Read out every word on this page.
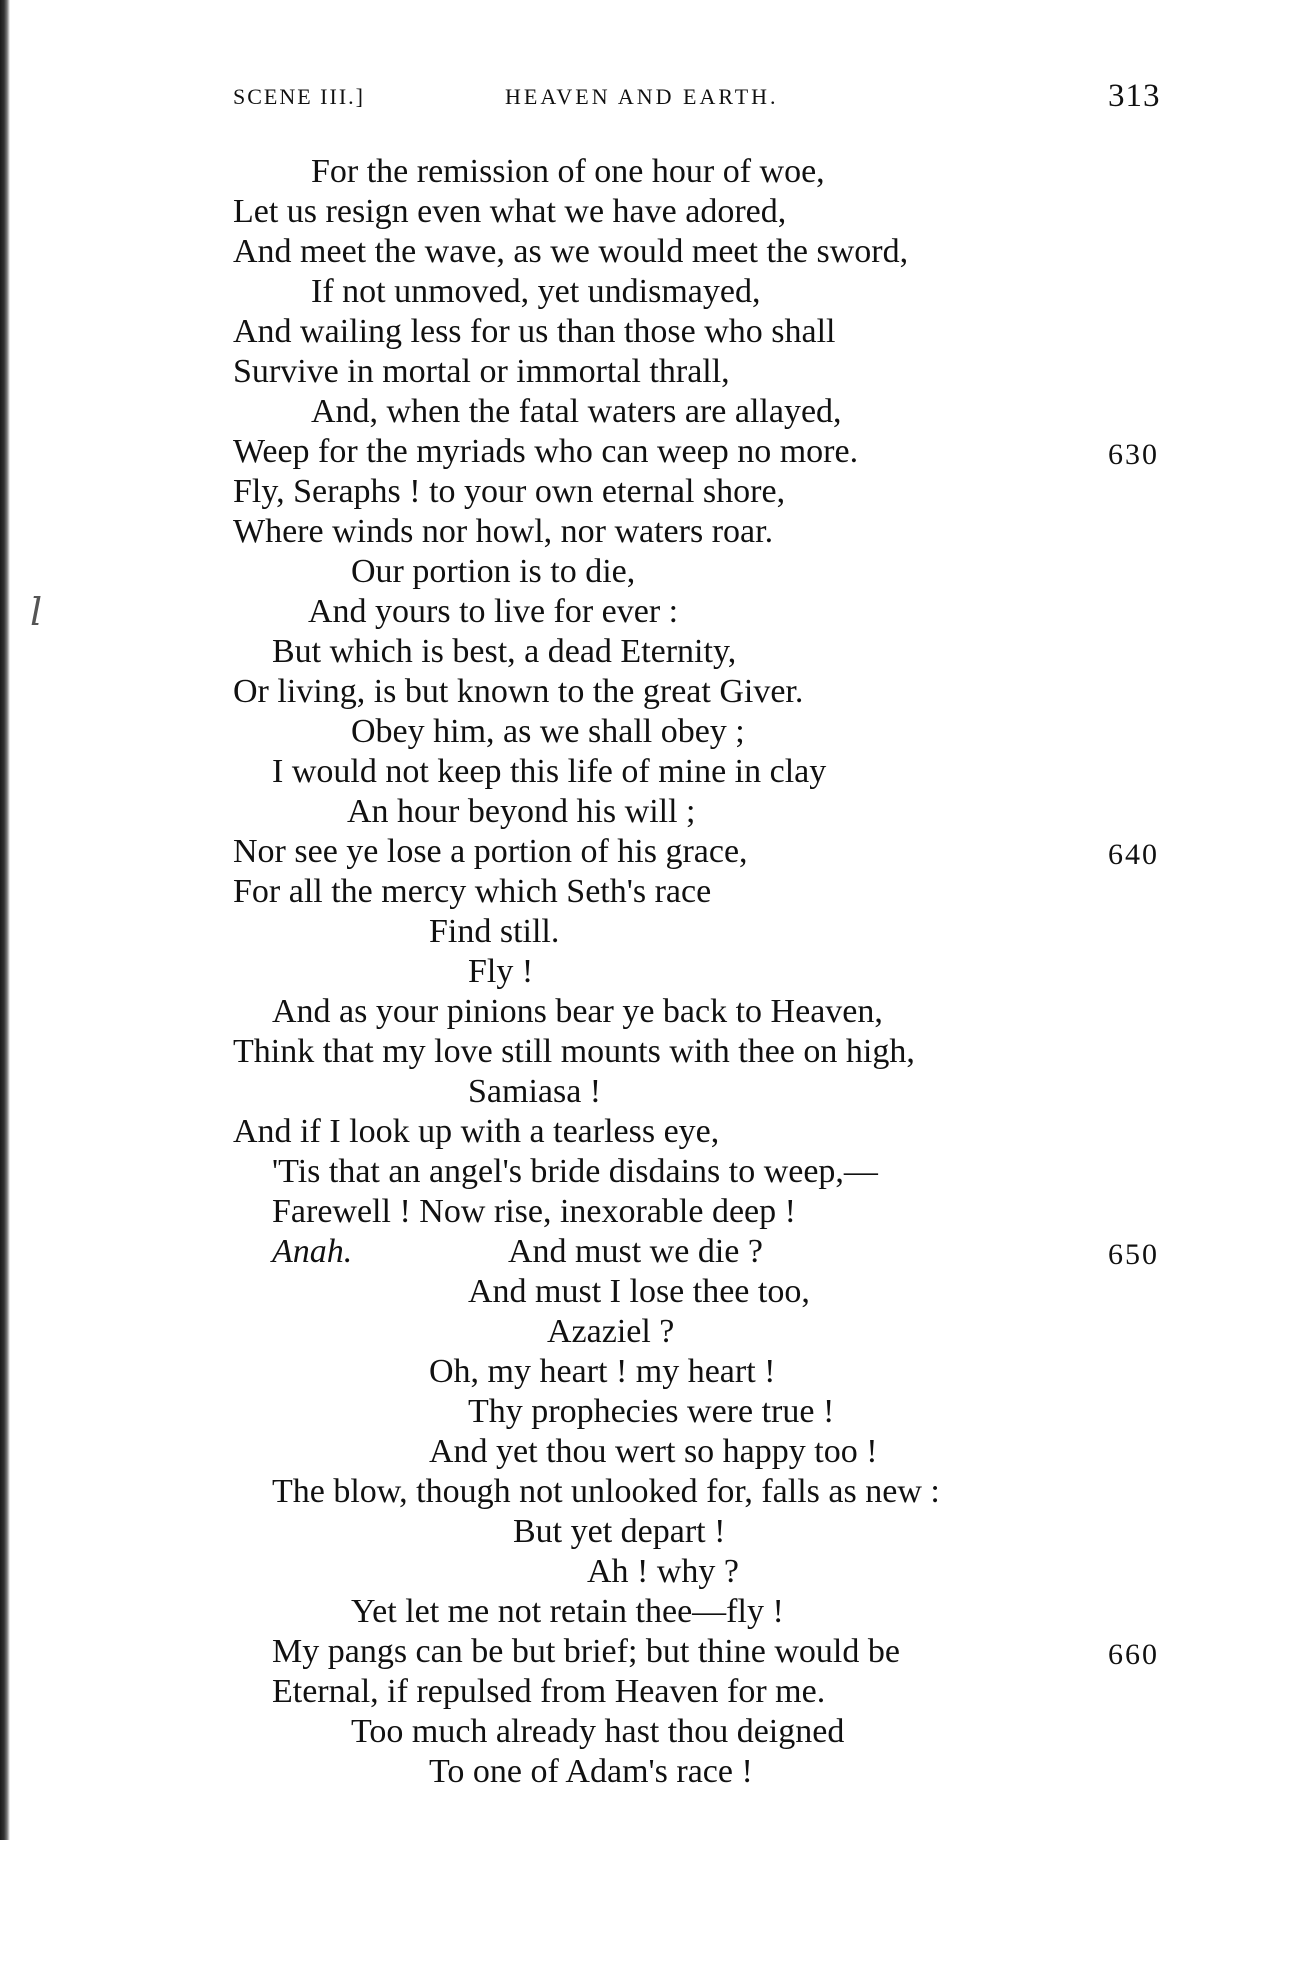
l
SCENE III.]	HEAVEN AND EARTH.	313
For the remission of one hour of woe,
Let us resign even what we have adored,
And meet the wave, as we would meet the sword,
If not unmoved, yet undismayed,
And wailing less for us than those who shall
Survive in mortal or immortal thrall,
And, when the fatal waters are allayed,
Weep for the myriads who can weep no more.	630
Fly, Seraphs ! to your own eternal shore,
Where winds nor howl, nor waters roar.
Our portion is to die,
And yours to live for ever :
But which is best, a dead Eternity,
Or living, is but known to the great Giver.
Obey him, as we shall obey ;
I would not keep this life of mine in clay
An hour beyond his will ;
Nor see ye lose a portion of his grace,	640
For all the mercy which Seth's race
Find still.
Fly !
And as your pinions bear ye back to Heaven,
Think that my love still mounts with thee on high,
Samiasa !
And if I look up with a tearless eye,
'Tis that an angel's bride disdains to weep,—
Farewell ! Now rise, inexorable deep !
Anah.	And must we die ?	650
And must I lose thee too,
Azaziel ?
Oh, my heart ! my heart !
Thy prophecies were true !
And yet thou wert so happy too !
The blow, though not unlooked for, falls as new :
But yet depart !
Ah ! why ?
Yet let me not retain thee—fly !
My pangs can be but brief; but thine would be	660
Eternal, if repulsed from Heaven for me.
Too much already hast thou deigned
To one of Adam's race !
